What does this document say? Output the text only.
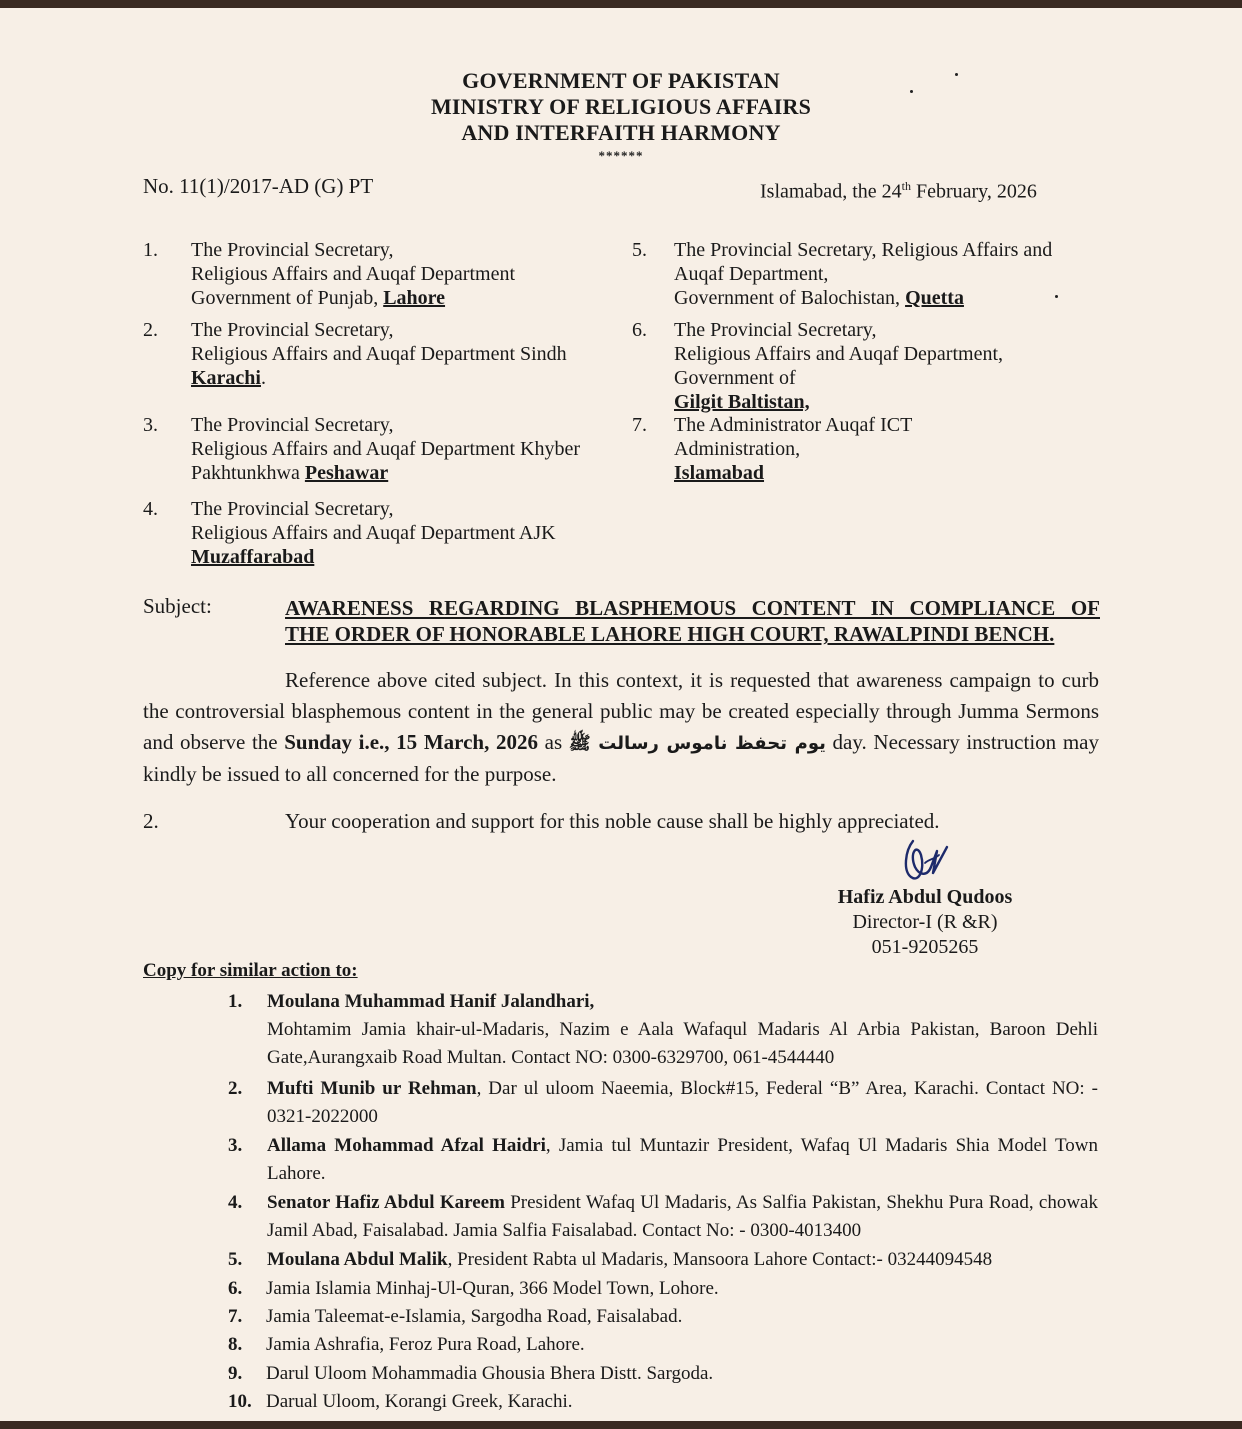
GOVERNMENT OF PAKISTAN
MINISTRY OF RELIGIOUS AFFAIRS
AND INTERFAITH HARMONY
******
No. 11(1)/2017-AD (G) PT	Islamabad, the 24th February, 2026
1.	The Provincial Secretary,
Religious Affairs and Auqaf Department
Government of Punjab, Lahore
2.	The Provincial Secretary,
Religious Affairs and Auqaf Department Sindh
Karachi.
3.	The Provincial Secretary,
Religious Affairs and Auqaf Department Khyber
Pakhtunkhwa Peshawar
4.	The Provincial Secretary,
Religious Affairs and Auqaf Department AJK
Muzaffarabad
5.	The Provincial Secretary, Religious Affairs and
Auqaf Department,
Government of Balochistan, Quetta
6.	The Provincial Secretary,
Religious Affairs and Auqaf Department,
Government of
Gilgit Baltistan,
7.	The Administrator Auqaf ICT
Administration,
Islamabad
Subject:	AWARENESS REGARDING BLASPHEMOUS CONTENT IN COMPLIANCE OF
THE ORDER OF HONORABLE LAHORE HIGH COURT, RAWALPINDI BENCH.
Reference above cited subject. In this context, it is requested that awareness campaign to curb the controversial blasphemous content in the general public may be created especially through Jumma Sermons and observe the Sunday i.e., 15 March, 2026 as یوم تحفظ ناموس رسالت ﷺ day. Necessary instruction may kindly be issued to all concerned for the purpose.
2.	Your cooperation and support for this noble cause shall be highly appreciated.
Hafiz Abdul Qudoos
Director-I (R &R)
051-9205265
Copy for similar action to:
1. Moulana Muhammad Hanif Jalandhari,
Mohtamim Jamia khair-ul-Madaris, Nazim e Aala Wafaqul Madaris Al Arbia Pakistan, Baroon Dehli Gate,Aurangxaib Road Multan. Contact NO: 0300-6329700, 061-4544440
2. Mufti Munib ur Rehman, Dar ul uloom Naeemia, Block#15, Federal “B” Area, Karachi. Contact NO: - 0321-2022000
3. Allama Mohammad Afzal Haidri, Jamia tul Muntazir President, Wafaq Ul Madaris Shia Model Town Lahore.
4. Senator Hafiz Abdul Kareem President Wafaq Ul Madaris, As Salfia Pakistan, Shekhu Pura Road, chowak Jamil Abad, Faisalabad. Jamia Salfia Faisalabad. Contact No: - 0300-4013400
5. Moulana Abdul Malik, President Rabta ul Madaris, Mansoora Lahore Contact:- 03244094548
6. Jamia Islamia Minhaj-Ul-Quran, 366 Model Town, Lohore.
7. Jamia Taleemat-e-Islamia, Sargodha Road, Faisalabad.
8. Jamia Ashrafia, Feroz Pura Road, Lahore.
9. Darul Uloom Mohammadia Ghousia Bhera Distt. Sargoda.
10. Darual Uloom, Korangi Greek, Karachi.
